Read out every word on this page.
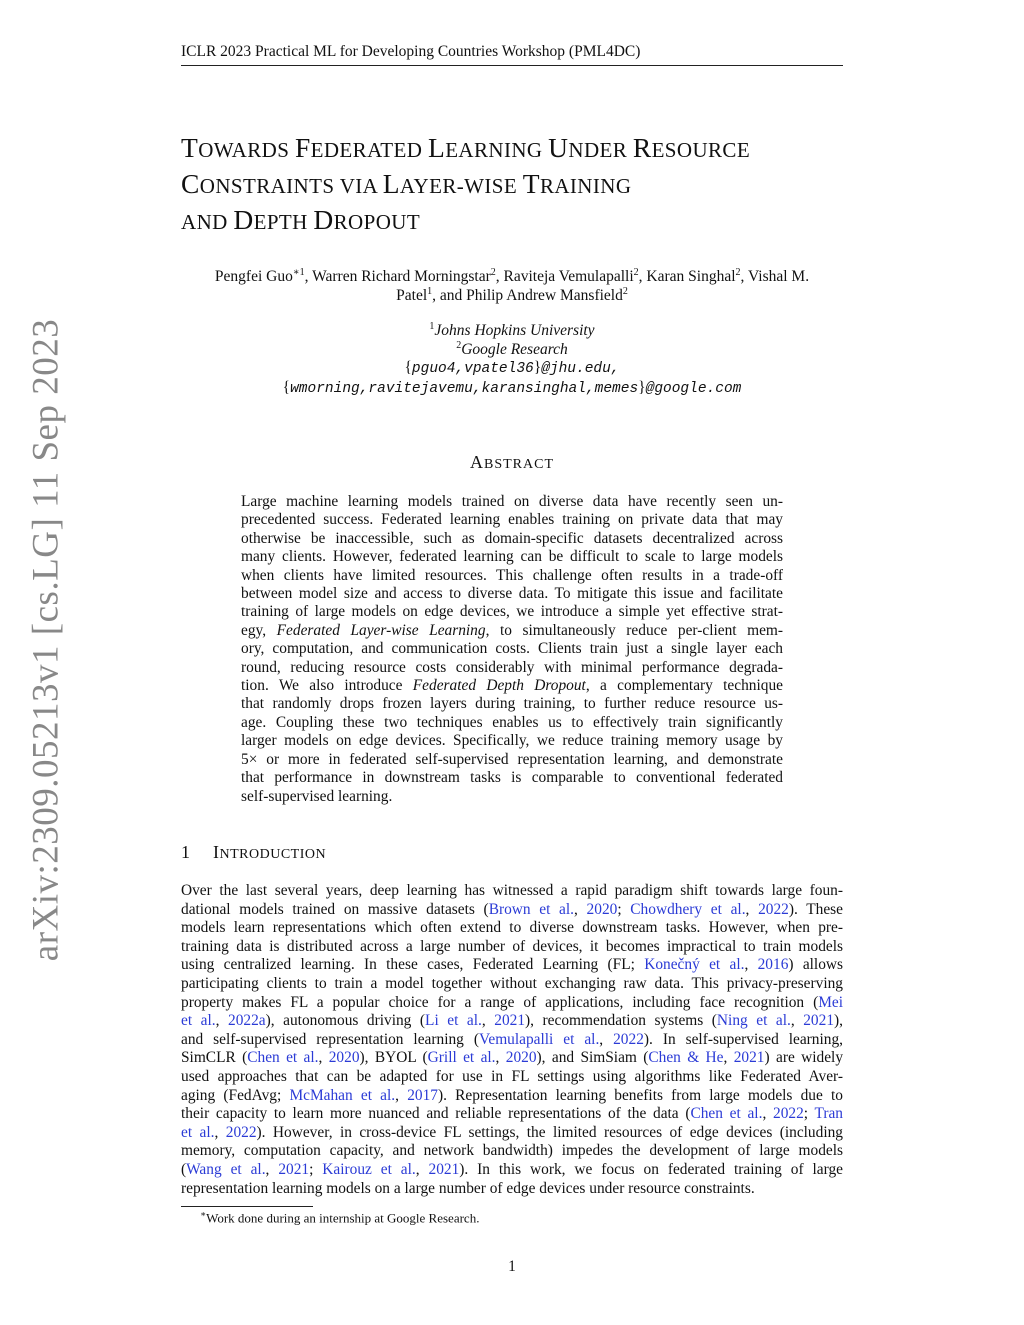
arXiv:2309.05213v1 [cs.LG] 11 Sep 2023
ICLR 2023 Practical ML for Developing Countries Workshop (PML4DC)
TOWARDS FEDERATED LEARNING UNDER RESOURCE
CONSTRAINTS VIA LAYER-WISE TRAINING
AND DEPTH DROPOUT
Pengfei Guo$^{∗1}$, Warren Richard Morningstar$^2$, Raviteja Vemulapalli$^2$, Karan Singhal$^2$, Vishal M.
Patel$^1$, and Philip Andrew Mansfield$^2$
$^1$Johns Hopkins University
$^2$Google Research
{pguo4,vpatel36}@jhu.edu,
{wmorning,ravitejavemu,karansinghal,memes}@google.com
ABSTRACT
Large machine learning models trained on diverse data have recently seen un-
precedented success. Federated learning enables training on private data that may
otherwise be inaccessible, such as domain-specific datasets decentralized across
many clients. However, federated learning can be difficult to scale to large models
when clients have limited resources. This challenge often results in a trade-off
between model size and access to diverse data. To mitigate this issue and facilitate
training of large models on edge devices, we introduce a simple yet effective strat-
egy, Federated Layer-wise Learning, to simultaneously reduce per-client mem-
ory, computation, and communication costs. Clients train just a single layer each
round, reducing resource costs considerably with minimal performance degrada-
tion. We also introduce Federated Depth Dropout, a complementary technique
that randomly drops frozen layers during training, to further reduce resource us-
age. Coupling these two techniques enables us to effectively train significantly
larger models on edge devices. Specifically, we reduce training memory usage by
5× or more in federated self-supervised representation learning, and demonstrate
that performance in downstream tasks is comparable to conventional federated
self-supervised learning.
1 INTRODUCTION
Over the last several years, deep learning has witnessed a rapid paradigm shift towards large foun-
dational models trained on massive datasets (Brown et al., 2020; Chowdhery et al., 2022). These
models learn representations which often extend to diverse downstream tasks. However, when pre-
training data is distributed across a large number of devices, it becomes impractical to train models
using centralized learning. In these cases, Federated Learning (FL; Konečný et al., 2016) allows
participating clients to train a model together without exchanging raw data. This privacy-preserving
property makes FL a popular choice for a range of applications, including face recognition (Mei
et al., 2022a), autonomous driving (Li et al., 2021), recommendation systems (Ning et al., 2021),
and self-supervised representation learning (Vemulapalli et al., 2022). In self-supervised learning,
SimCLR (Chen et al., 2020), BYOL (Grill et al., 2020), and SimSiam (Chen & He, 2021) are widely
used approaches that can be adapted for use in FL settings using algorithms like Federated Aver-
aging (FedAvg; McMahan et al., 2017). Representation learning benefits from large models due to
their capacity to learn more nuanced and reliable representations of the data (Chen et al., 2022; Tran
et al., 2022). However, in cross-device FL settings, the limited resources of edge devices (including
memory, computation capacity, and network bandwidth) impedes the development of large models
(Wang et al., 2021; Kairouz et al., 2021). In this work, we focus on federated training of large
representation learning models on a large number of edge devices under resource constraints.
∗Work done during an internship at Google Research.
1
